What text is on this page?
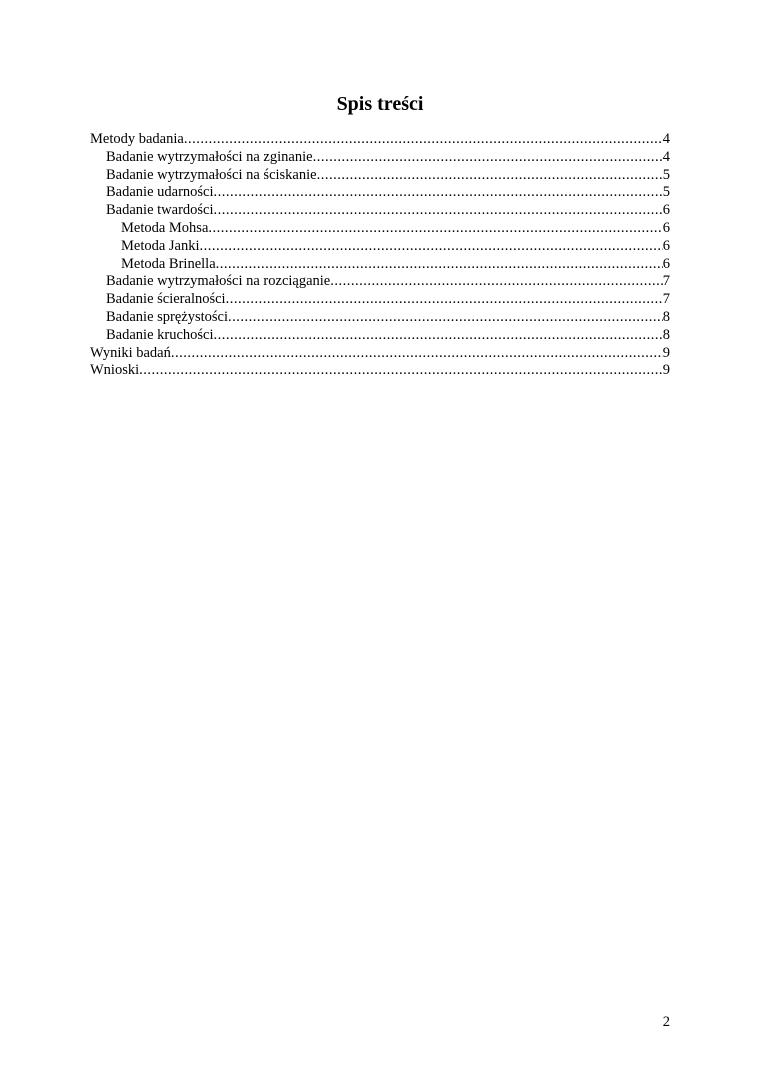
Spis treści
Metody badania .....	4
Badanie wytrzymałości na zginanie .....	4
Badanie wytrzymałości na ściskanie .....	5
Badanie udarności .....	5
Badanie twardości .....	6
Metoda Mohsa .....	6
Metoda Janki .....	6
Metoda Brinella .....	6
Badanie wytrzymałości na rozciąganie .....	7
Badanie ścieralności .....	7
Badanie sprężystości .....	8
Badanie kruchości .....	8
Wyniki badań .....	9
Wnioski .....	9
2
